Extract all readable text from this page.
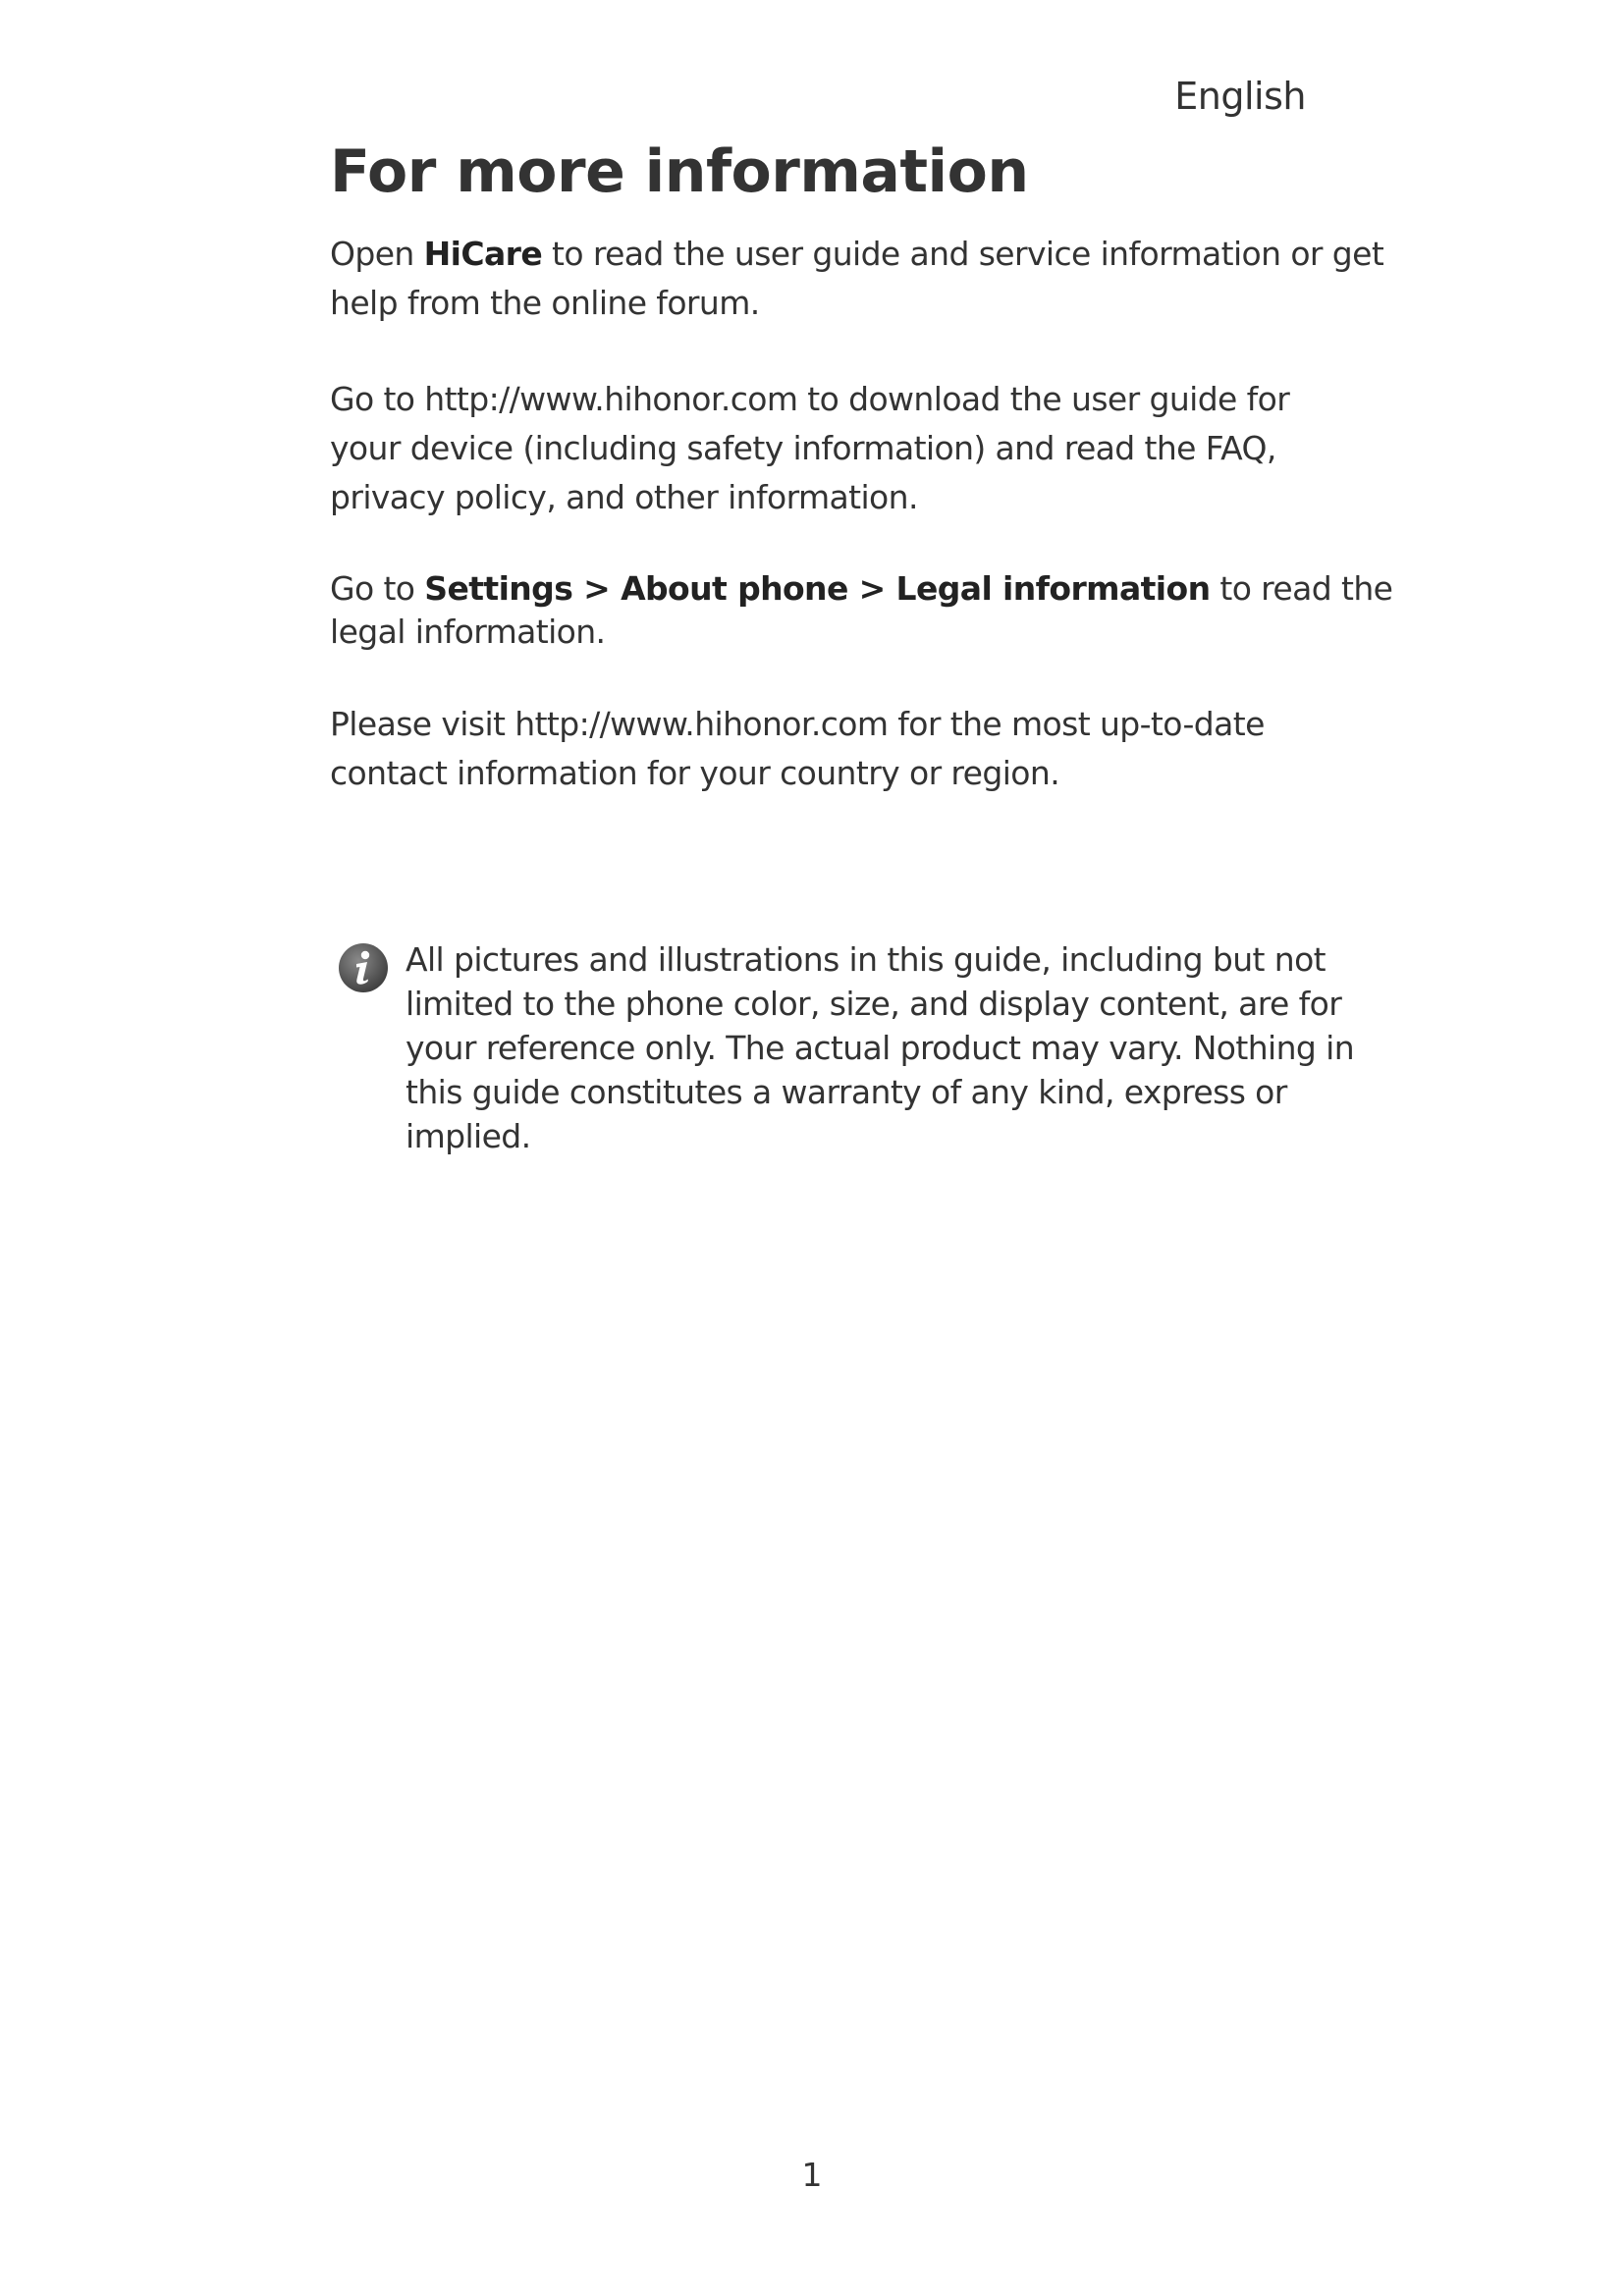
English
For more information

Open HiCare to read the user guide and service information or get
help from the online forum.

Go to http://www.hihonor.com to download the user guide for
your device (including safety information) and read the FAQ,
privacy policy, and other information.

Go to Settings > About phone > Legal information to read the
legal information.

Please visit http://www.hihonor.com for the most up-to-date
contact information for your country or region.

All pictures and illustrations in this guide, including but not
limited to the phone color, size, and display content, are for
your reference only. The actual product may vary. Nothing in
this guide constitutes a warranty of any kind, express or
implied.
1
